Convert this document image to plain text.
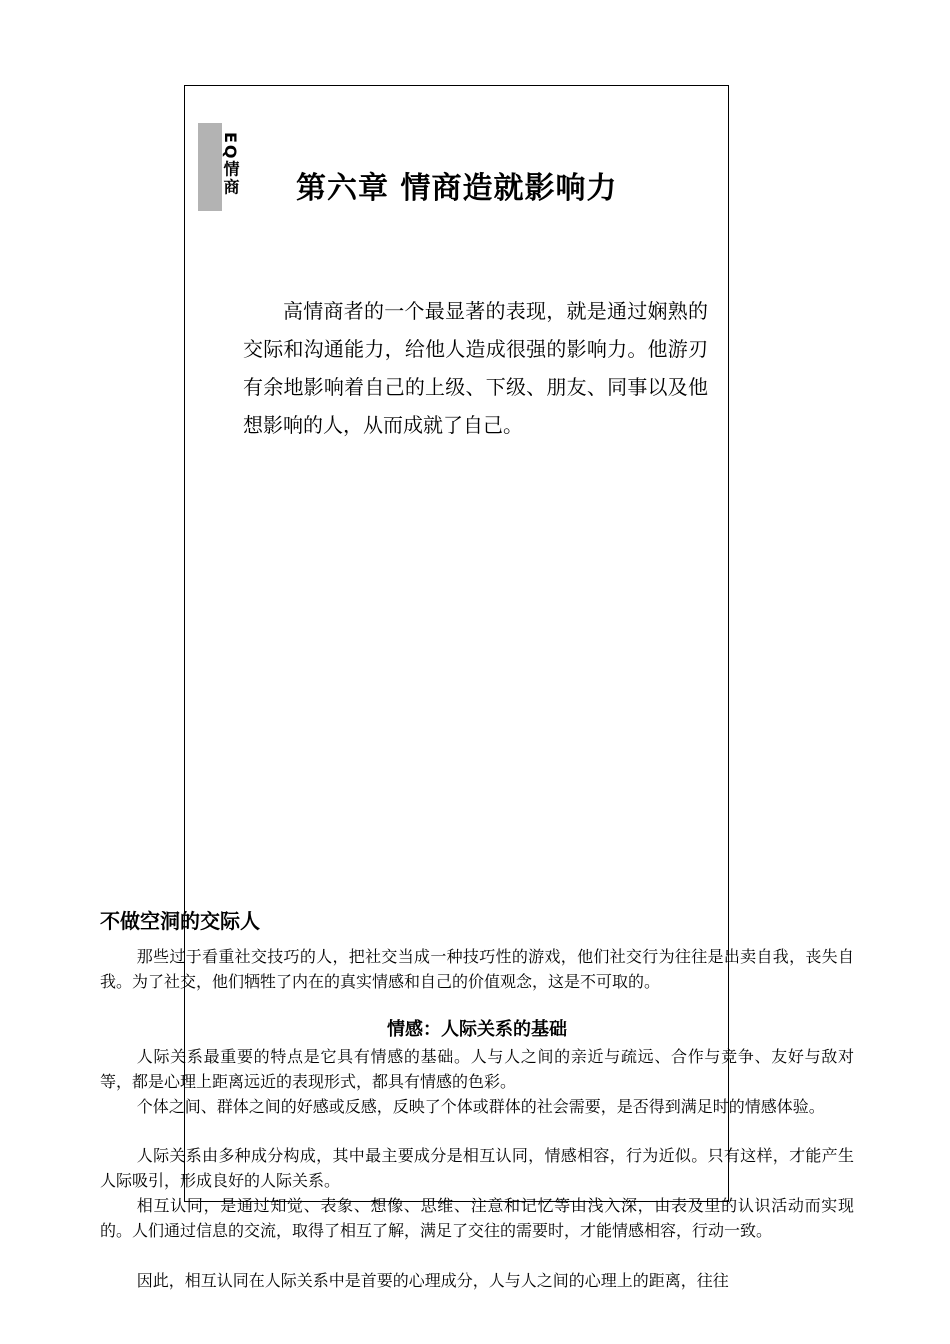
EQ情商 第六章 情商造就影响力

高情商者的一个最显著的表现，就是通过娴熟的交际和沟通能力，给他人造成很强的影响力。他游刃有余地影响着自己的上级、下级、朋友、同事以及他想影响的人，从而成就了自己。

不做空洞的交际人

那些过于看重社交技巧的人，把社交当成一种技巧性的游戏，他们社交行为往往是出卖自我，丧失自我。为了社交，他们牺牲了内在的真实情感和自己的价值观念，这是不可取的。

情感：人际关系的基础

人际关系最重要的特点是它具有情感的基础。人与人之间的亲近与疏远、合作与竞争、友好与敌对等，都是心理上距离远近的表现形式，都具有情感的色彩。

个体之间、群体之间的好感或反感，反映了个体或群体的社会需要，是否得到满足时的情感体验。

人际关系由多种成分构成，其中最主要成分是相互认同，情感相容，行为近似。只有这样，才能产生人际吸引，形成良好的人际关系。

相互认同，是通过知觉、表象、想像、思维、注意和记忆等由浅入深，由表及里的认识活动而实现的。人们通过信息的交流，取得了相互了解，满足了交往的需要时，才能情感相容，行动一致。

因此，相互认同在人际关系中是首要的心理成分，人与人之间的心理上的距离，往往
